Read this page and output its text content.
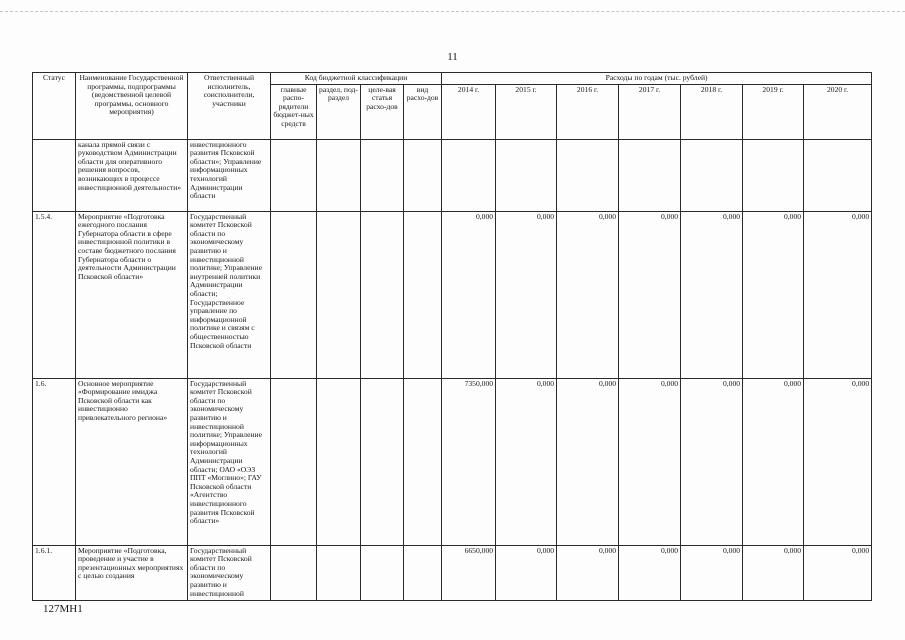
11
Статус	Наименование Государственной программы, подпрограммы (ведомственной целевой программы, основного мероприятия)	Ответственный исполнитель, соисполнители, участники	Код бюджетной классификации				Расходы по годам (тыс. рублей)						
			главные распо-рядители бюджет-ных средств	раздел, под-раздел	целе-вая статья расхо-дов	вид расхо-дов	2014 г.	2015 г.	2016 г.	2017 г.	2018 г.	2019 г.	2020 г.
	канала прямой связи с руководством Администрации области для оперативного решения вопросов, возникающих в процессе инвестиционной деятельности»	инвестиционного развития Псковской области»; Управление информационных технологий Администрации области											
1.5.4.	Мероприятие «Подготовка ежегодного послания Губернатора области в сфере инвестиционной политики в составе бюджетного послания Губернатора области о деятельности Администрации Псковской области»	Государственный комитет Псковской области по экономическому развитию и инвестиционной политике; Управление внутренней политики Администрации области; Государственное управление по информационной политике и связям с общественностью Псковской области					0,000	0,000	0,000	0,000	0,000	0,000	0,000
1.6.	Основное мероприятие «Формирование имиджа Псковской области как инвестиционно привлекательного региона»	Государственный комитет Псковской области по экономическому развитию и инвестиционной политике; Управление информационных технологий Администрации области; ОАО «ОЭЗ ППТ «Моглино»; ГАУ Псковской области «Агентство инвестиционного развития Псковской области»					7350,000	0,000	0,000	0,000	0,000	0,000	0,000
1.6.1.	Мероприятие «Подготовка, проведение и участие в презентационных мероприятиях с целью создания	Государственный комитет Псковской области по экономическому развитию и инвестиционной					6650,000	0,000	0,000	0,000	0,000	0,000	0,000
127МН1
